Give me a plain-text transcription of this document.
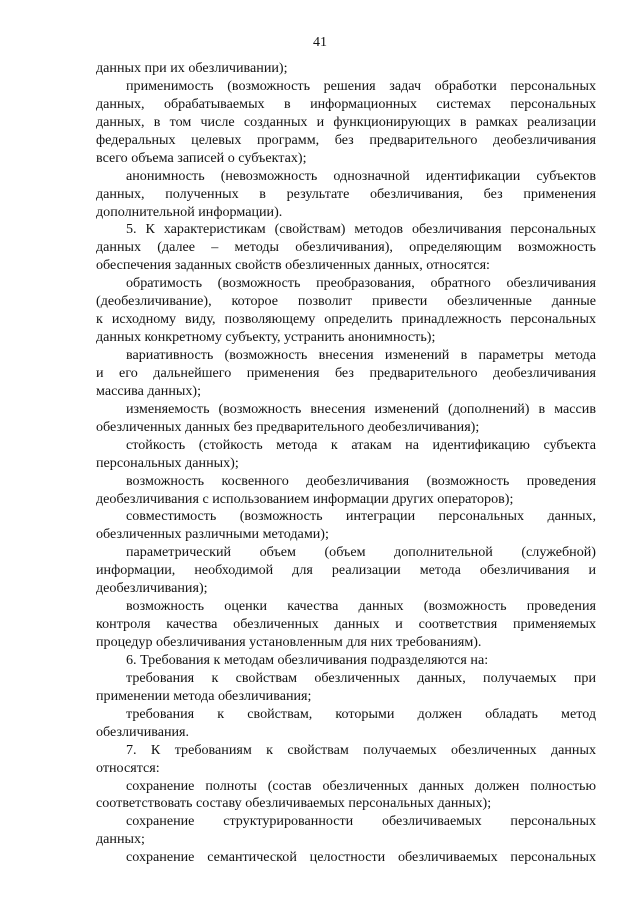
41
данных при их обезличивании);
применимость (возможность решения задач обработки персональных
данных, обрабатываемых в информационных системах персональных
данных, в том числе созданных и функционирующих в рамках реализации
федеральных целевых программ, без предварительного деобезличивания
всего объема записей о субъектах);
анонимность (невозможность однозначной идентификации субъектов
данных, полученных в результате обезличивания, без применения
дополнительной информации).
5. К характеристикам (свойствам) методов обезличивания персональных
данных (далее – методы обезличивания), определяющим возможность
обеспечения заданных свойств обезличенных данных, относятся:
обратимость (возможность преобразования, обратного обезличивания
(деобезличивание), которое позволит привести обезличенные данные
к исходному виду, позволяющему определить принадлежность персональных
данных конкретному субъекту, устранить анонимность);
вариативность (возможность внесения изменений в параметры метода
и его дальнейшего применения без предварительного деобезличивания
массива данных);
изменяемость (возможность внесения изменений (дополнений) в массив
обезличенных данных без предварительного деобезличивания);
стойкость (стойкость метода к атакам на идентификацию субъекта
персональных данных);
возможность косвенного деобезличивания (возможность проведения
деобезличивания с использованием информации других операторов);
совместимость (возможность интеграции персональных данных,
обезличенных различными методами);
параметрический объем (объем дополнительной (служебной)
информации, необходимой для реализации метода обезличивания и
деобезличивания);
возможность оценки качества данных (возможность проведения
контроля качества обезличенных данных и соответствия применяемых
процедур обезличивания установленным для них требованиям).
6. Требования к методам обезличивания подразделяются на:
требования к свойствам обезличенных данных, получаемых при
применении метода обезличивания;
требования к свойствам, которыми должен обладать метод
обезличивания.
7. К требованиям к свойствам получаемых обезличенных данных
относятся:
сохранение полноты (состав обезличенных данных должен полностью
соответствовать составу обезличиваемых персональных данных);
сохранение структурированности обезличиваемых персональных
данных;
сохранение семантической целостности обезличиваемых персональных
